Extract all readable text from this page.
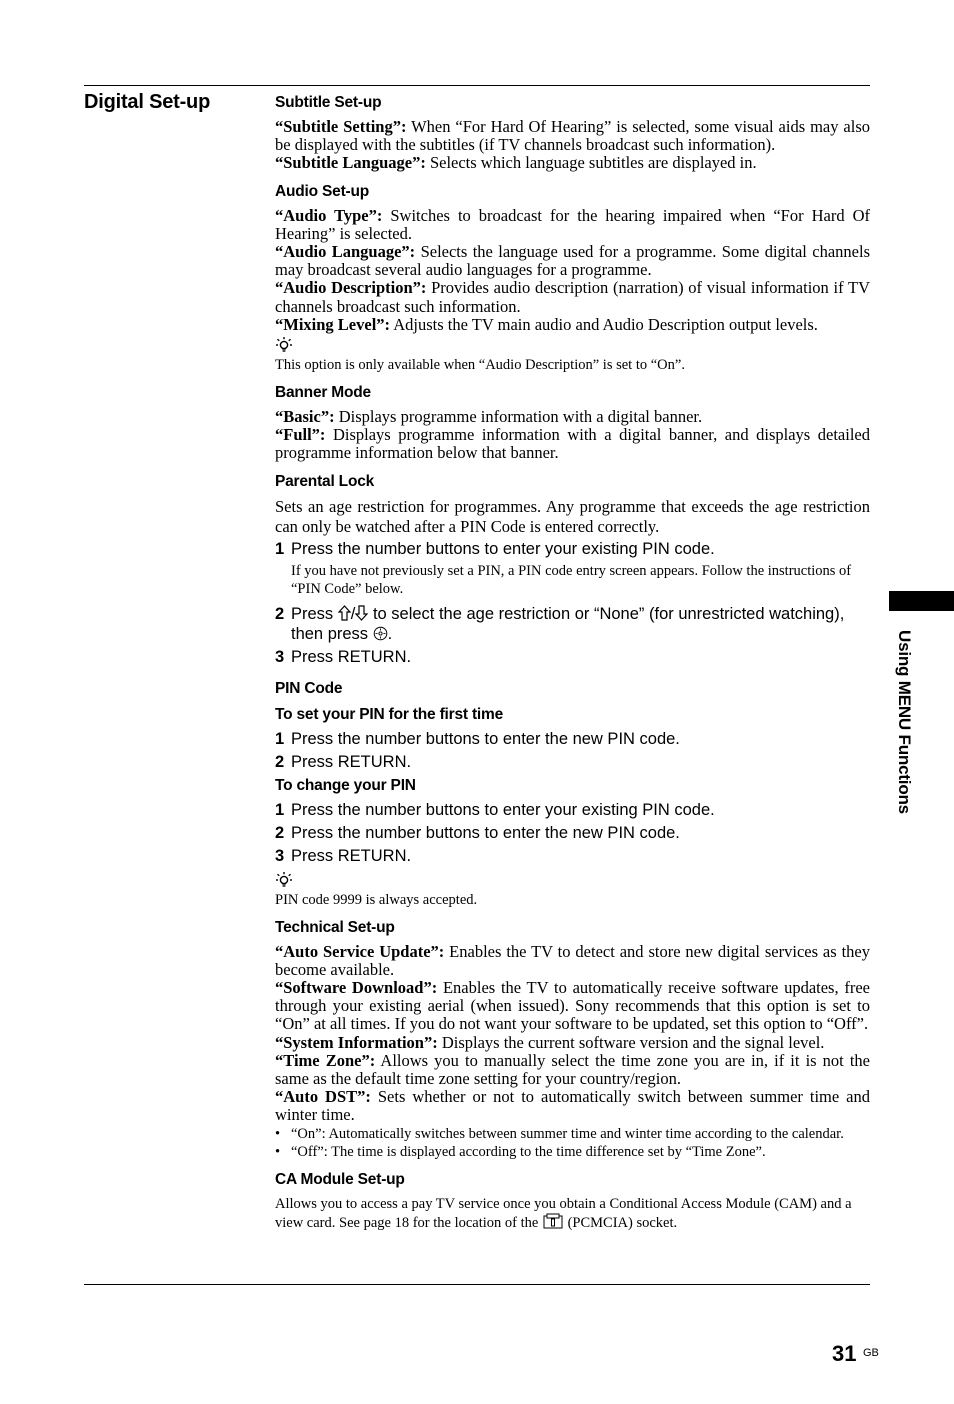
Digital Set-up	Subtitle Set-up

“Subtitle Setting”: When “For Hard Of Hearing” is selected, some visual aids may also be displayed with the subtitles (if TV channels broadcast such information).

“Subtitle Language”: Selects which language subtitles are displayed in.

Audio Set-up

“Audio Type”: Switches to broadcast for the hearing impaired when “For Hard Of Hearing” is selected.

“Audio Language”: Selects the language used for a programme. Some digital channels may broadcast several audio languages for a programme.

“Audio Description”: Provides audio description (narration) of visual information if TV channels broadcast such information.

“Mixing Level”: Adjusts the TV main audio and Audio Description output levels.

This option is only available when “Audio Description” is set to “On”.

Banner Mode

“Basic”: Displays programme information with a digital banner.

“Full”: Displays programme information with a digital banner, and displays detailed programme information below that banner.

Parental Lock

Sets an age restriction for programmes. Any programme that exceeds the age restriction can only be watched after a PIN Code is entered correctly.

1 Press the number buttons to enter your existing PIN code.

If you have not previously set a PIN, a PIN code entry screen appears. Follow the instructions of “PIN Code” below.

2 Press / to select the age restriction or “None” (for unrestricted watching), then press .
3 Press RETURN.
PIN Code
To set your PIN for the first time
1 Press the number buttons to enter the new PIN code.
2 Press RETURN.
To change your PIN
1 Press the number buttons to enter your existing PIN code.
2 Press the number buttons to enter the new PIN code.
3 Press RETURN.

PIN code 9999 is always accepted.

Technical Set-up

“Auto Service Update”: Enables the TV to detect and store new digital services as they become available.

“Software Download”: Enables the TV to automatically receive software updates, free through your existing aerial (when issued). Sony recommends that this option is set to “On” at all times. If you do not want your software to be updated, set this option to “Off”.

“System Information”: Displays the current software version and the signal level.

“Time Zone”: Allows you to manually select the time zone you are in, if it is not the same as the default time zone setting for your country/region.

“Auto DST”: Sets whether or not to automatically switch between summer time and winter time.

• “On”: Automatically switches between summer time and winter time according to the calendar.
• “Off”: The time is displayed according to the time difference set by “Time Zone”.
CA Module Set-up

Allows you to access a pay TV service once you obtain a Conditional Access Module (CAM) and a view card. See page 18 for the location of the  (PCMCIA) socket.

Using MENU Functions
31 GB
